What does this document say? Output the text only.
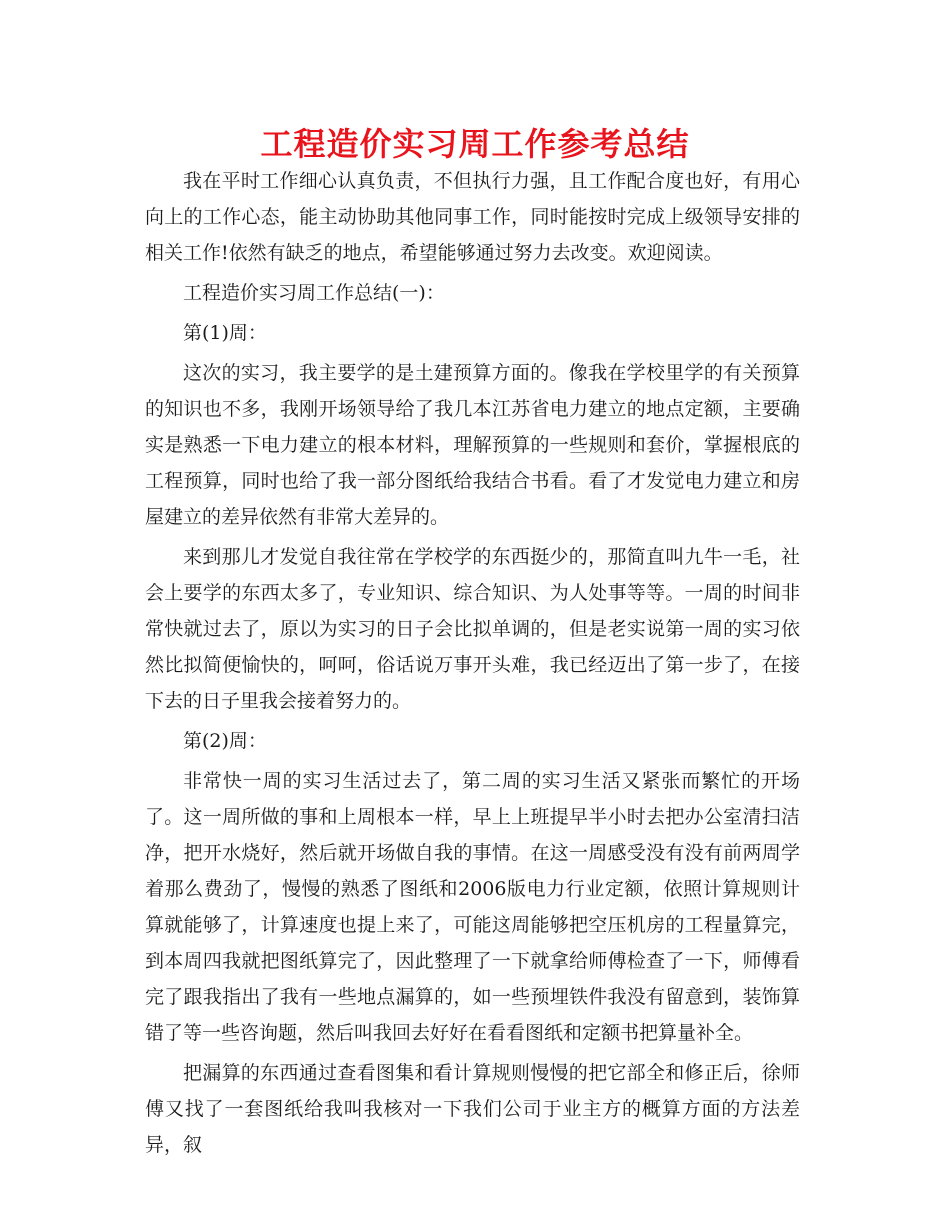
工程造价实习周工作参考总结

我在平时工作细心认真负责，不但执行力强，且工作配合度也好，有用心向上的工作心态，能主动协助其他同事工作，同时能按时完成上级领导安排的相关工作!依然有缺乏的地点，希望能够通过努力去改变。欢迎阅读。

工程造价实习周工作总结(一)：

第(1)周：

这次的实习，我主要学的是土建预算方面的。像我在学校里学的有关预算的知识也不多，我刚开场领导给了我几本江苏省电力建立的地点定额，主要确实是熟悉一下电力建立的根本材料，理解预算的一些规则和套价，掌握根底的工程预算，同时也给了我一部分图纸给我结合书看。看了才发觉电力建立和房屋建立的差异依然有非常大差异的。

来到那儿才发觉自我往常在学校学的东西挺少的，那简直叫九牛一毛，社会上要学的东西太多了，专业知识、综合知识、为人处事等等。一周的时间非常快就过去了，原以为实习的日子会比拟单调的，但是老实说第一周的实习依然比拟简便愉快的，呵呵，俗话说万事开头难，我已经迈出了第一步了，在接下去的日子里我会接着努力的。

第(2)周：

非常快一周的实习生活过去了，第二周的实习生活又紧张而繁忙的开场了。这一周所做的事和上周根本一样，早上上班提早半小时去把办公室清扫洁净，把开水烧好，然后就开场做自我的事情。在这一周感受没有没有前两周学着那么费劲了，慢慢的熟悉了图纸和2006版电力行业定额，依照计算规则计算就能够了，计算速度也提上来了，可能这周能够把空压机房的工程量算完，到本周四我就把图纸算完了，因此整理了一下就拿给师傅检查了一下，师傅看完了跟我指出了我有一些地点漏算的，如一些预埋铁件我没有留意到，装饰算错了等一些咨询题，然后叫我回去好好在看看图纸和定额书把算量补全。

把漏算的东西通过查看图集和看计算规则慢慢的把它部全和修正后，徐师傅又找了一套图纸给我叫我核对一下我们公司于业主方的概算方面的方法差异，叙
